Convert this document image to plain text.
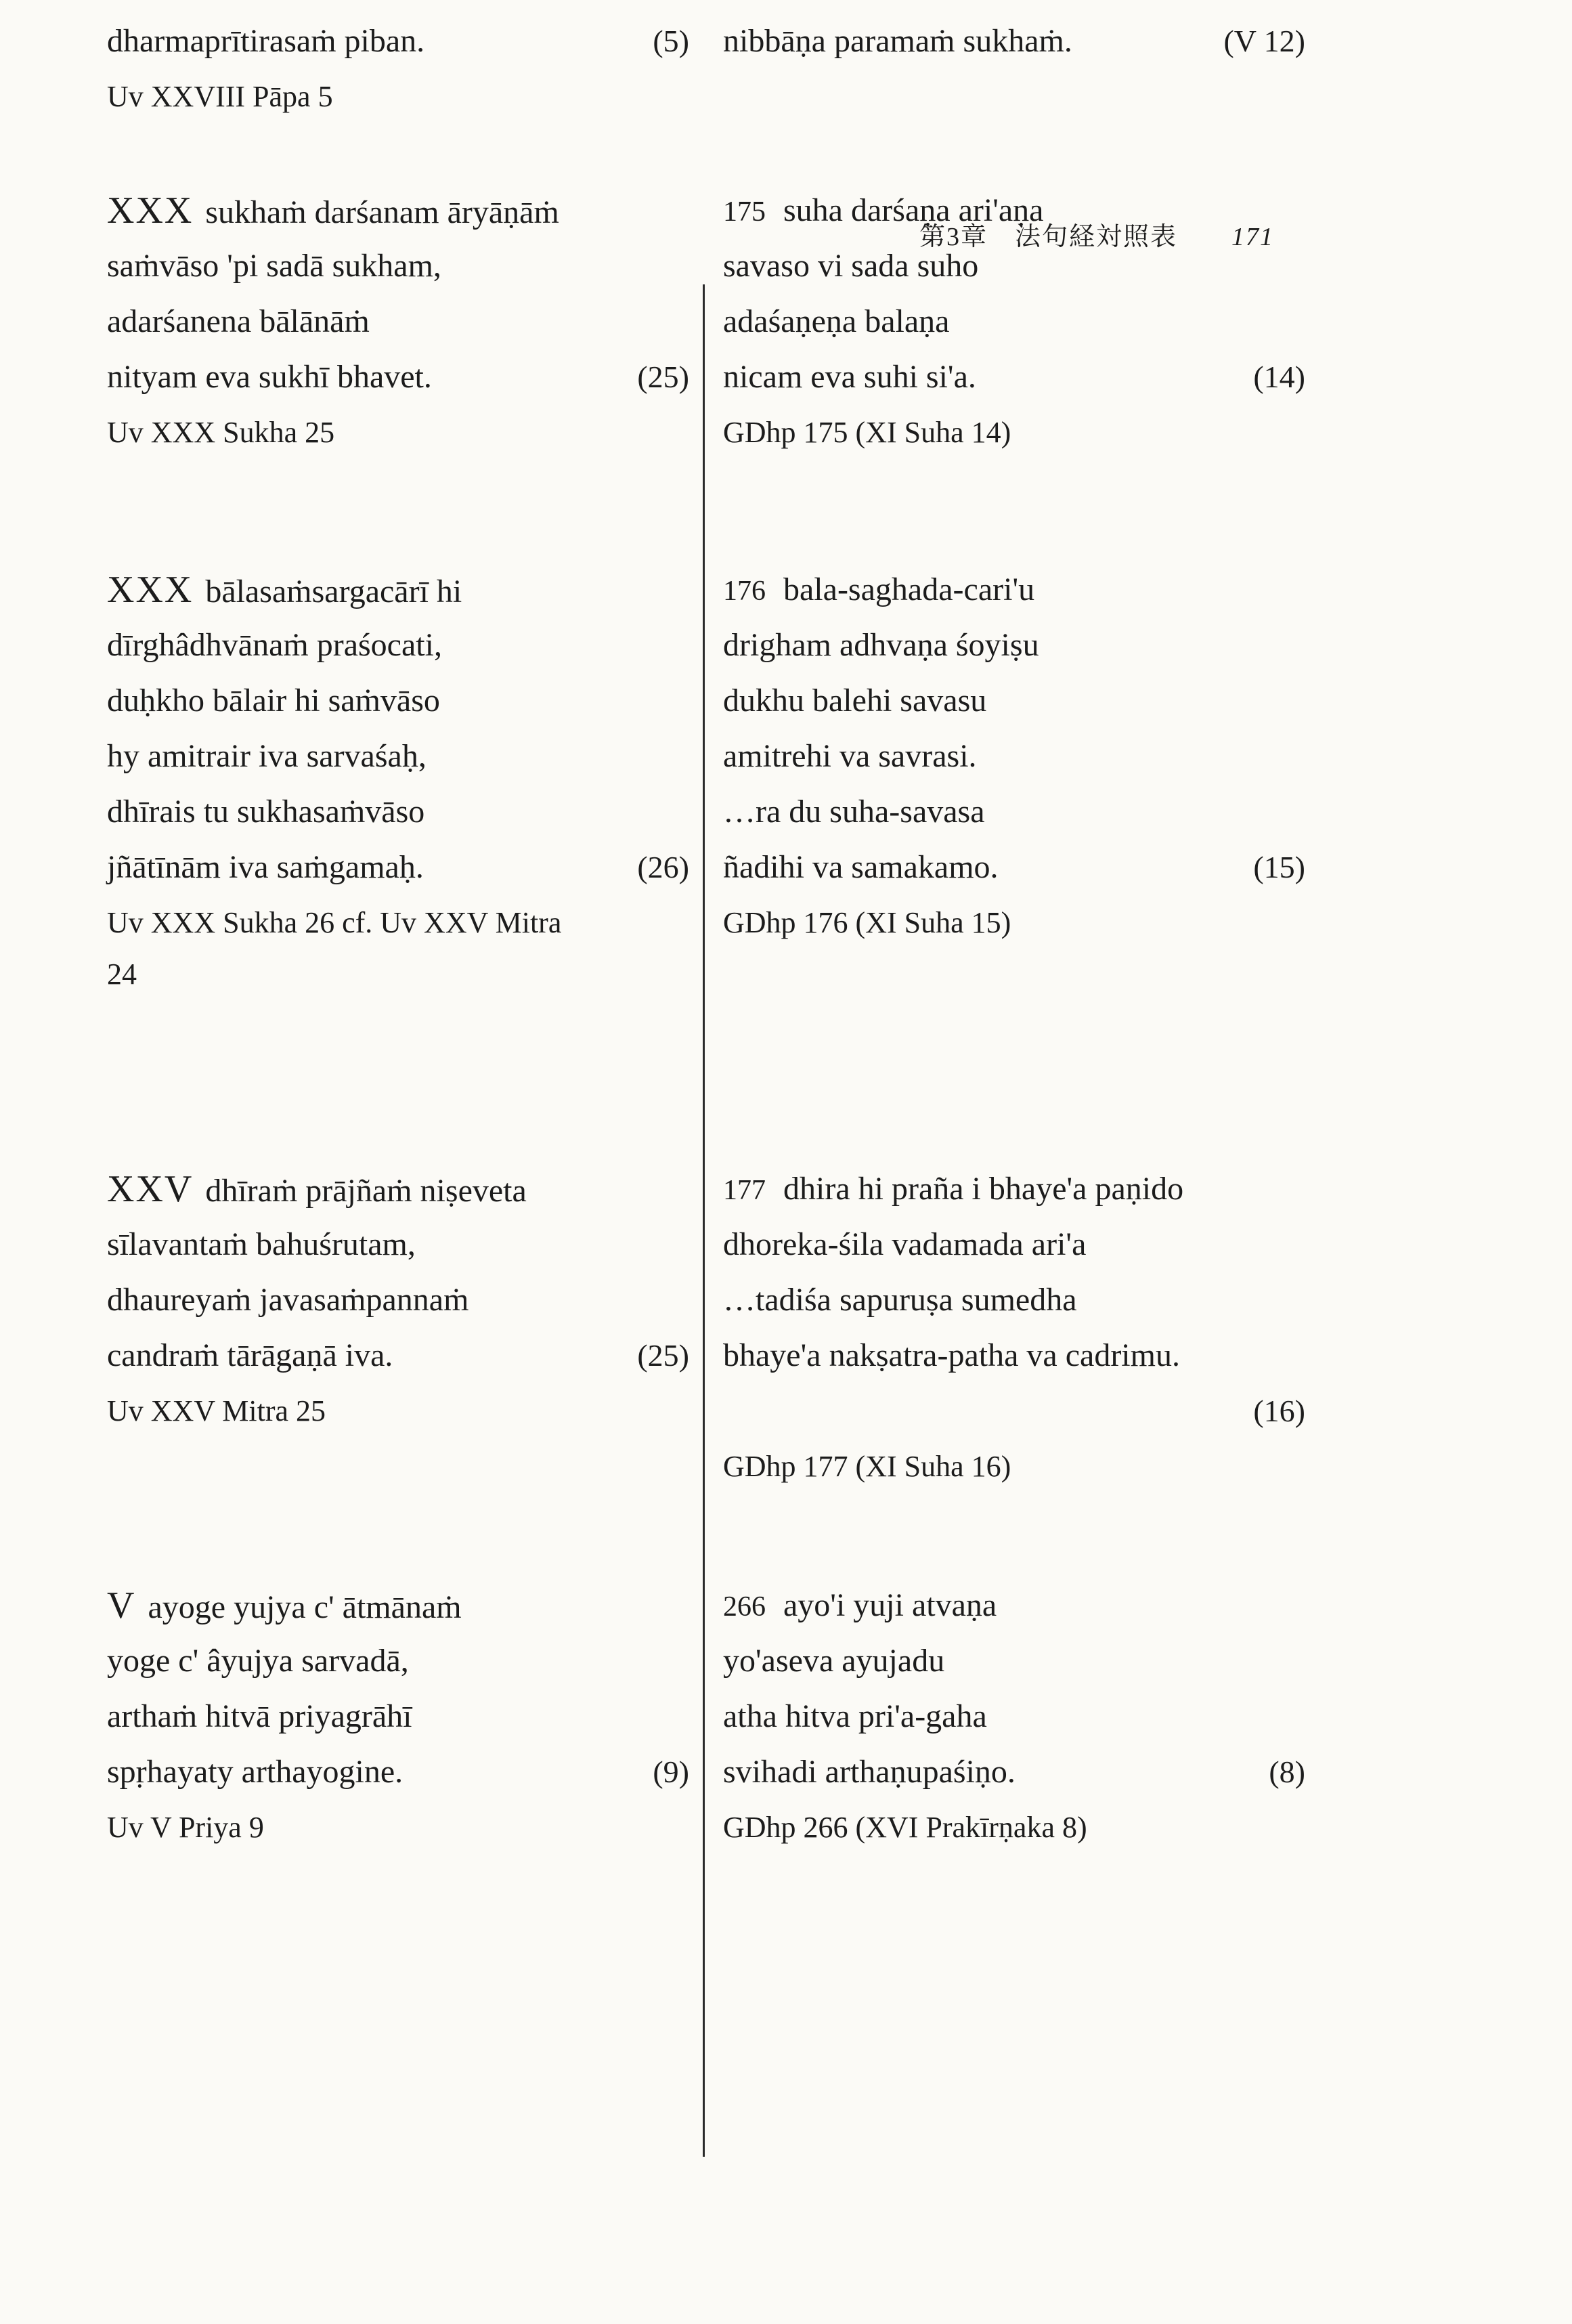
第3章 法句経対照表 171
dharmaprītirasaṁ piban.	(5)
Uv XXVIII Pāpa 5
XXX sukhaṁ darśanam āryāṇāṁ
saṁvāso 'pi sadā sukham,
adarśanena bālānāṁ
nityam eva sukhī bhavet.	(25)
Uv XXX Sukha 25
XXX bālasaṁsargacārī hi
dīrghâdhvānaṁ praśocati,
duḥkho bālair hi saṁvāso
hy amitrair iva sarvaśaḥ,
dhīrais tu sukhasaṁvāso
jñātīnām iva saṁgamaḥ.	(26)
Uv XXX Sukha 26 cf. Uv XXV Mitra
24
XXV dhīraṁ prājñaṁ niṣeveta
sīlavantaṁ bahuśrutam,
dhaureyaṁ javasaṁpannaṁ
candraṁ tārāgaṇā iva.	(25)
Uv XXV Mitra 25
V ayoge yujya c' ātmānaṁ
yoge c' âyujya sarvadā,
arthaṁ hitvā priyagrāhī
spṛhayaty arthayogine.	(9)
Uv V Priya 9
nibbāṇa paramaṁ sukhaṁ.	(V 12)
175 suha darśaṇa ari'aṇa
savaso vi sada suho
adaśaṇeṇa balaṇa
nicam eva suhi si'a.	(14)
GDhp 175 (XI Suha 14)
176 bala-saghada-cari'u
drigham adhvaṇa śoyiṣu
dukhu balehi savasu
amitrehi va savrasi.
…ra du suha-savasa
ñadihi va samakamo.	(15)
GDhp 176 (XI Suha 15)
177 dhira hi praña i bhaye'a paṇido
dhoreka-śila vadamada ari'a
…tadiśa sapuruṣa sumedha
bhaye'a nakṣatra-patha va cadrimu.
(16)
GDhp 177 (XI Suha 16)
266 ayo'i yuji atvaṇa
yo'aseva ayujadu
atha hitva pri'a-gaha
svihadi arthaṇupaśiṇo.	(8)
GDhp 266 (XVI Prakīrṇaka 8)
